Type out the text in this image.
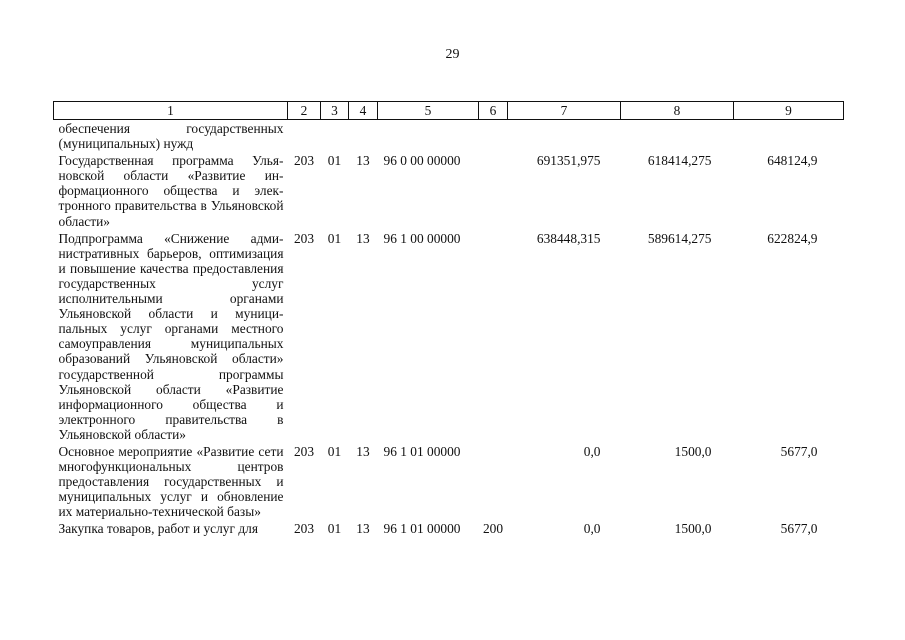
29
1	2	3	4	5	6	7	8	9
обеспечения государственных (муниципальных) нужд								
Государственная программа Ульяновской области «Развитие информационного общества и электронного правительства в Ульяновской области»	203	01	13	96 0 00 00000		691351,975	618414,275	648124,9
Подпрограмма «Снижение административных барьеров, оптимизация и повышение качества предоставления государственных услуг исполнительными органами Ульяновской области и муниципальных услуг органами местного самоуправления муниципальных образований Ульяновской области» государственной программы Ульяновской области «Развитие информационного общества и электронного правительства в Ульяновской области»	203	01	13	96 1 00 00000		638448,315	589614,275	622824,9
Основное мероприятие «Развитие сети многофункциональных центров предоставления государственных и муниципальных услуг и обновление их материально-технической базы»	203	01	13	96 1 01 00000		0,0	1500,0	5677,0
Закупка товаров, работ и услуг для	203	01	13	96 1 01 00000	200	0,0	1500,0	5677,0
